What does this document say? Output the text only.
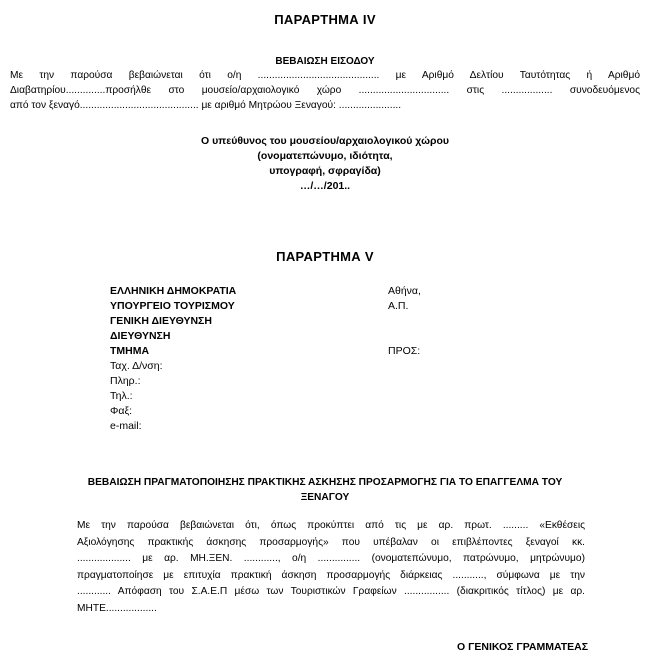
ΠΑΡΑΡΤΗΜΑ IV
ΒΕΒΑΙΩΣΗ ΕΙΣΟΔΟΥ
Με την παρούσα βεβαιώνεται ότι ο/η ........................................... με Αριθμό Δελτίου Ταυτότητας ή Αριθμό
Διαβατηρίου..............προσήλθε στο μουσείο/αρχαιολογικό χώρο ................................ στις .................. συνοδευόμενος
από τον ξεναγό.......................................... με αριθμό Μητρώου Ξεναγού: ......................
Ο υπεύθυνος του μουσείου/αρχαιολογικού χώρου
(ονοματεπώνυμο, ιδιότητα,
υπογραφή, σφραγίδα)
…/…/201..
ΠΑΡΑΡΤΗΜΑ V
ΕΛΛΗΝΙΚΗ ΔΗΜΟΚΡΑΤΙΑ
ΥΠΟΥΡΓΕΙΟ ΤΟΥΡΙΣΜΟΥ
ΓΕΝΙΚΗ ΔΙΕΥΘΥΝΣΗ
ΔΙΕΥΘΥΝΣΗ
ΤΜΗΜΑ
Ταχ. Δ/νση:
Πληρ.:
Τηλ.:
Φαξ:
e-mail:
Αθήνα,
Α.Π.
ΠΡΟΣ:
ΒΕΒΑΙΩΣΗ ΠΡΑΓΜΑΤΟΠΟΙΗΣΗΣ ΠΡΑΚΤΙΚΗΣ ΑΣΚΗΣΗΣ ΠΡΟΣΑΡΜΟΓΗΣ ΓΙΑ ΤΟ ΕΠΑΓΓΕΛΜΑ ΤΟΥ
ΞΕΝΑΓΟΥ
Με την παρούσα βεβαιώνεται ότι, όπως προκύπτει από τις με αρ. πρωτ. ......... «Εκθέσεις
Αξιολόγησης πρακτικής άσκησης προσαρμογής» που υπέβαλαν οι επιβλέποντες ξεναγοί κκ.
................... με αρ. ΜΗ.ΞΕΝ. ............, ο/η ............... (ονοματεπώνυμο, πατρώνυμο, μητρώνυμο)
πραγματοποίησε με επιτυχία πρακτική άσκηση προσαρμογής διάρκειας ..........., σύμφωνα με την
............ Απόφαση του Σ.Α.Ε.Π μέσω των Τουριστικών Γραφείων ................ (διακριτικός τίτλος) με αρ.
ΜΗΤΕ..................
Ο ΓΕΝΙΚΟΣ ΓΡΑΜΜΑΤΕΑΣ
